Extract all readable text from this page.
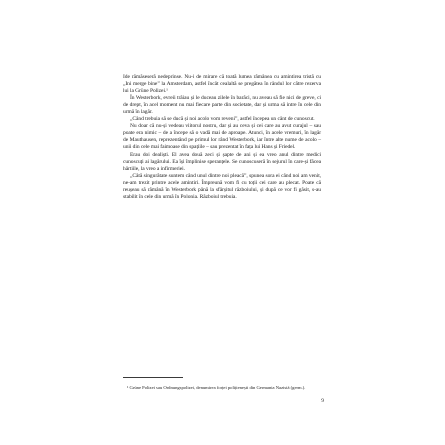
Ide rămăseseră nedeprinse. Nu-i de mirare că toată lumea rămânea cu amintirea tristă cu „Ini merge bine” la Amsterdam, astfel încât cealaltă se pregătea în rândul lor către rezerva lui la Grüne Polizei.¹

În Westerbork, evreii trăiau și le duceau zilele în barăci, nu aveau să fie nici de greve, ci de drept, în acel moment nu mai fiecare parte din societate, dar și urma să intre în cele din urmă în lagăr.

„Când trebuia să se ducă și noi acolo vom reveni”, astfel începea un cânt de cunoscut.

Nu doar că nu-și vedeau viitorul nostru, dar și au ceva și cei care au avut curajul – sau poate era nimic – de a începe să o vadă mai de aproape. Atunci, în acele vremuri, în lagăr de Mauthausen, reprezentând pe primul lor rând Westerbork, iar între alte nume de acolo – unii din cele mai faimoase din spațiile – sau prezentat în fața lui Hans și Friedel.

Erau doi dealiști. El avea două zeci și șapte de ani și ea vreo anul dintre medici cunoscuți ai lagărului. Ea își împlinise speranțele. Se cunoscuseră în sejurul în care-și făcea hârtiile, la vreo a infirmeriei.

„Câtă singurătate suntem când unul dintre noi pleacă”, spunea sora ei când noi am venit, ne-am trezit printre acele amintiri. Împreună vom fi cu toții cei care au plecat. Poate că reușeau să rămână în Westerbork până la sfârșitul războiului, și după ce vor fi găsit, s-au stabilit în cele din urmă în Polonia. Războiul trebuia.

¹ Grüne Polizei sau Ordnungspolizei, denumirea forței polițienești din Germania Nazistă (germ.).

9
